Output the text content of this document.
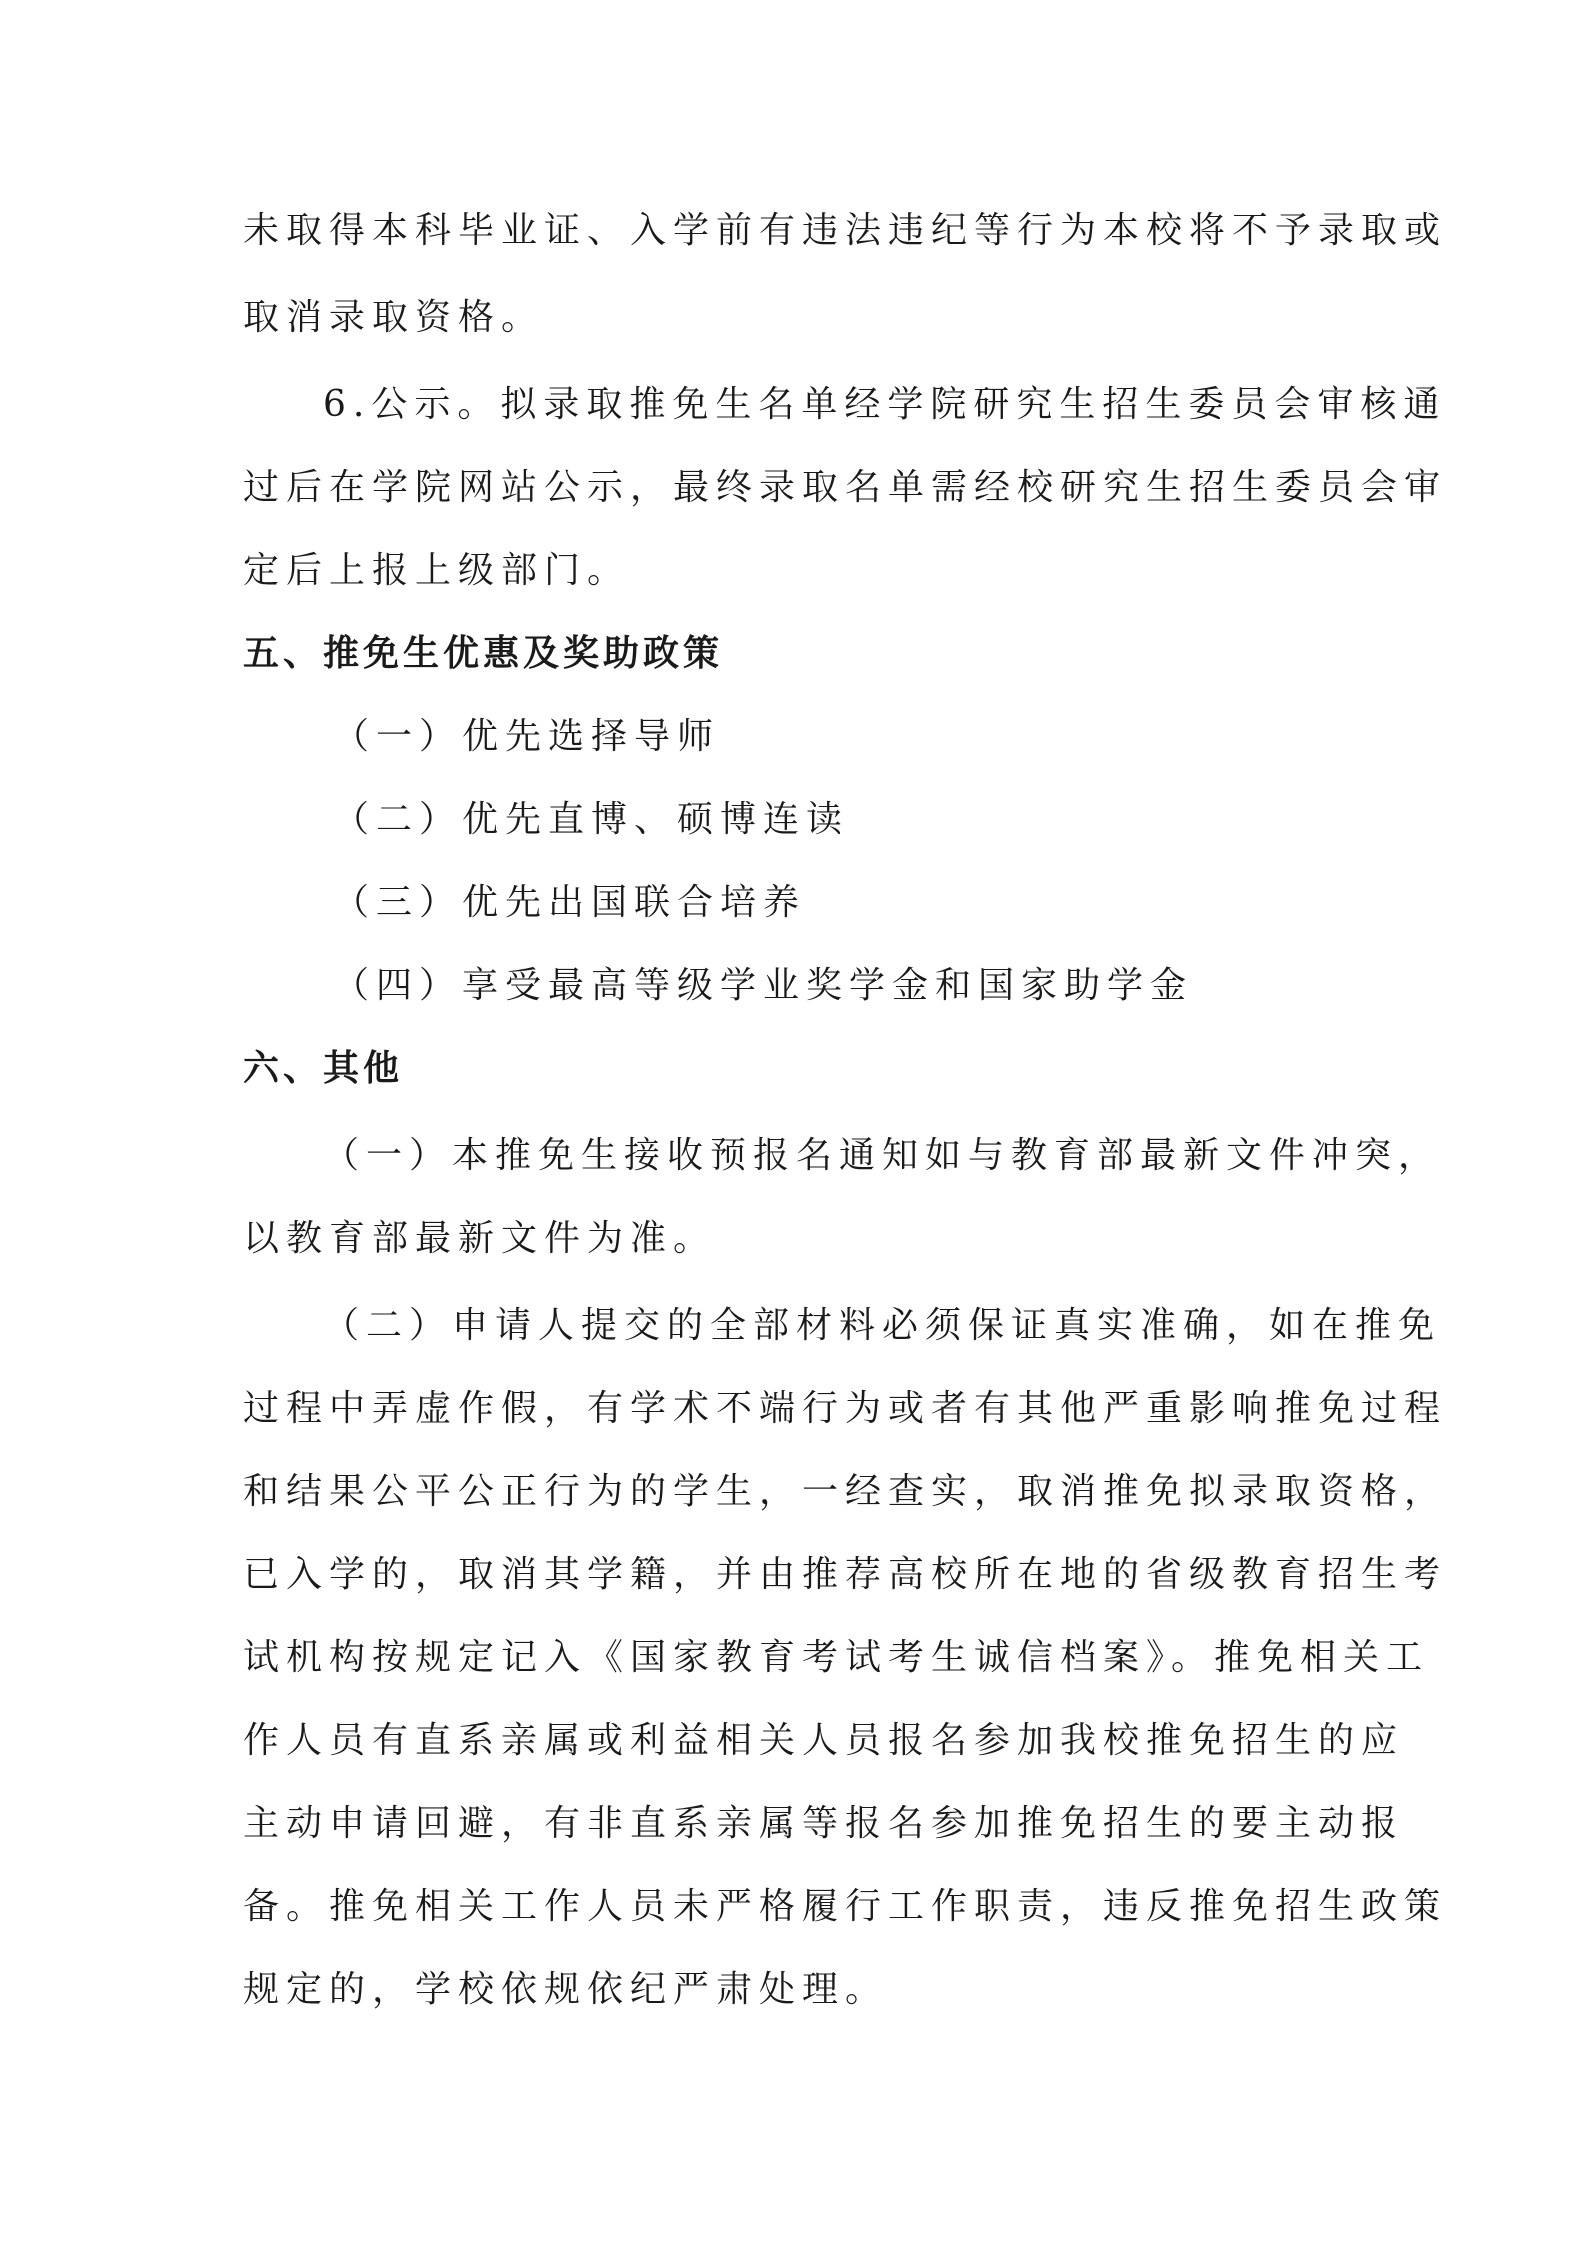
未取得本科毕业证、入学前有违法违纪等行为本校将不予录取或
取消录取资格。
6.公示。拟录取推免生名单经学院研究生招生委员会审核通
过后在学院网站公示，最终录取名单需经校研究生招生委员会审
定后上报上级部门。
五、推免生优惠及奖助政策
（一）优先选择导师
（二）优先直博、硕博连读
（三）优先出国联合培养
（四）享受最高等级学业奖学金和国家助学金
六、其他
（一）本推免生接收预报名通知如与教育部最新文件冲突，
以教育部最新文件为准。
（二）申请人提交的全部材料必须保证真实准确，如在推免
过程中弄虚作假，有学术不端行为或者有其他严重影响推免过程
和结果公平公正行为的学生，一经查实，取消推免拟录取资格，
已入学的，取消其学籍，并由推荐高校所在地的省级教育招生考
试机构按规定记入《国家教育考试考生诚信档案》。推免相关工
作人员有直系亲属或利益相关人员报名参加我校推免招生的应
主动申请回避，有非直系亲属等报名参加推免招生的要主动报
备。推免相关工作人员未严格履行工作职责，违反推免招生政策
规定的，学校依规依纪严肃处理。
